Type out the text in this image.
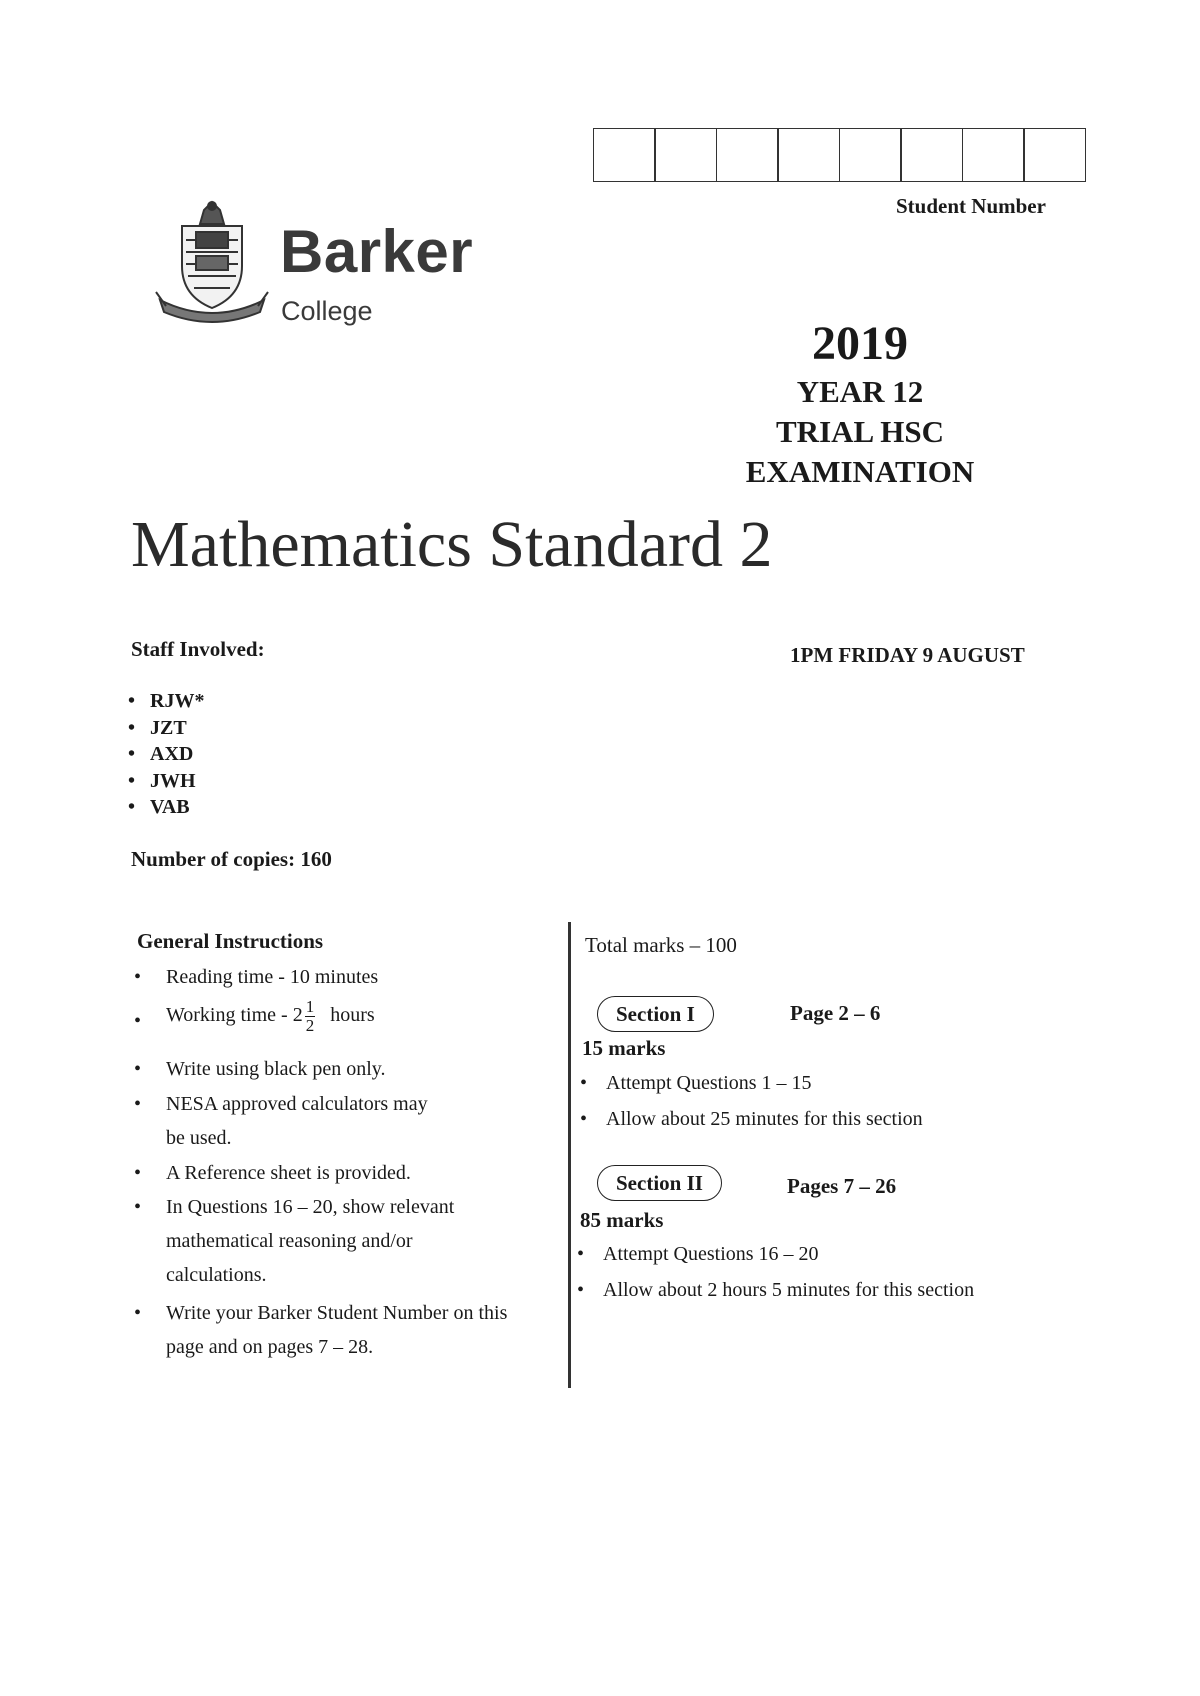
Student Number
Barker
College
2019
YEAR 12
TRIAL HSC
EXAMINATION
Mathematics Standard 2
Staff Involved:	1PM FRIDAY 9 AUGUST
• RJW*
• JZT
• AXD
• JWH
• VAB
Number of copies: 160
General Instructions
•	Reading time - 10 minutes
•	Working time - $2 \frac{1}{2}$ hours
•	Write using black pen only.
•	NESA approved calculators may
be used.
•	A Reference sheet is provided.
•	In Questions 16 – 20, show relevant
mathematical reasoning and/or
calculations.
•	Write your Barker Student Number on this
page and on pages 7 – 28.
Total marks – 100
Section I	Page 2 – 6
15 marks
• Attempt Questions 1 – 15
• Allow about 25 minutes for this section
Section II	Pages 7 – 26
85 marks
• Attempt Questions 16 – 20
• Allow about 2 hours 5 minutes for this section
